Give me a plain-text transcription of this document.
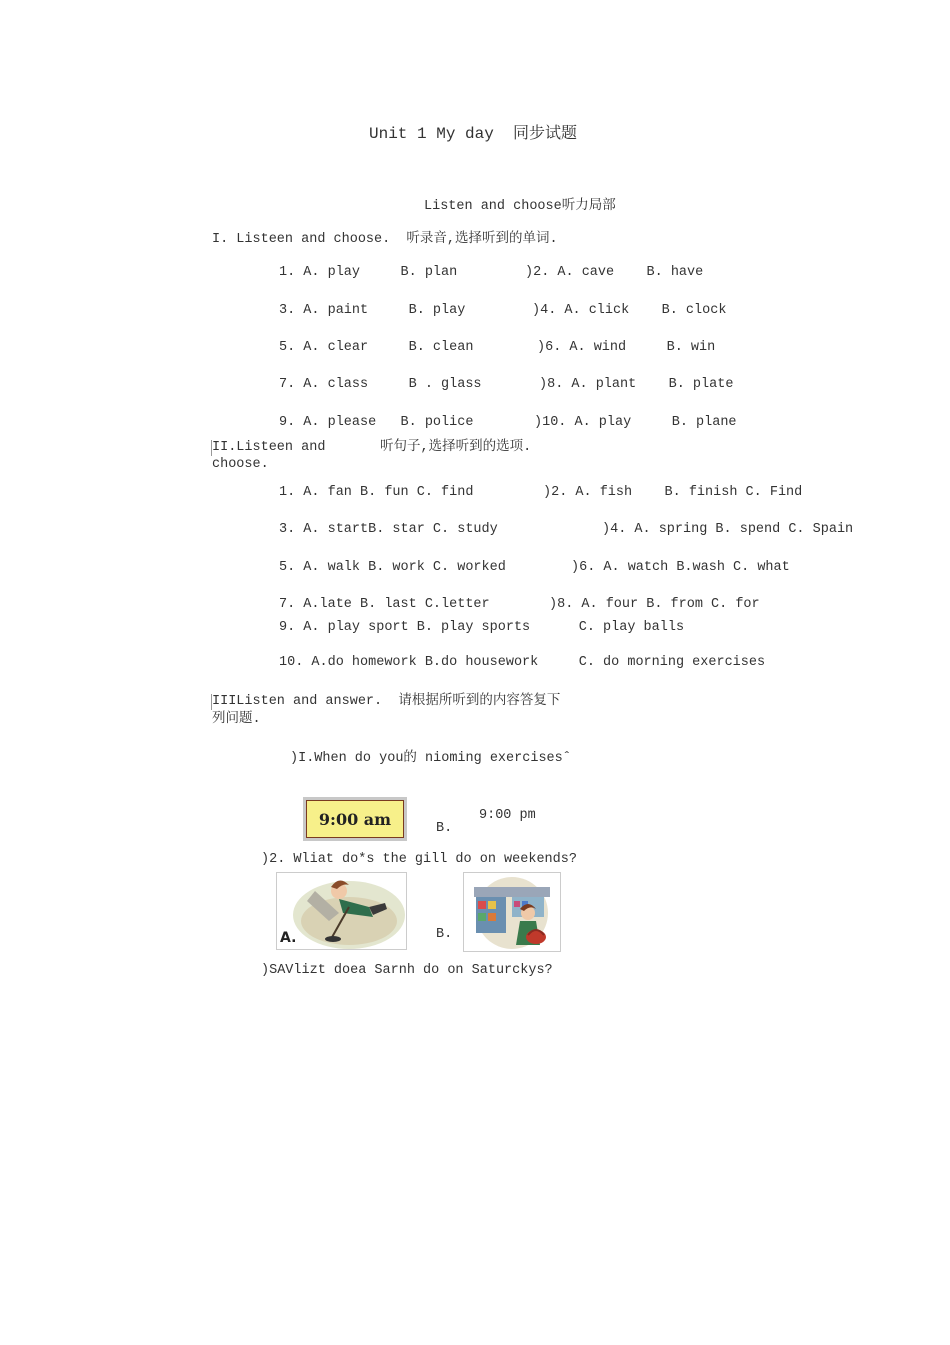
Unit 1 My day  同步试题
Listen and choose听力局部
I. Listeen and choose.  听录音,选择听到的单词.
1. A. play     B. plan	)2. A. cave    B. have
3. A. paint     B. play	)4. A. click    B. clock
5. A. clear     B. clean	)6. A. wind     B. win
7. A. class     B . glass	)8. A. plant    B. plate
9. A. please   B. police	)10. A. play     B. plane
II.Listeen and	听句子,选择听到的选项.
choose.
1. A. fan B. fun C. find	)2. A. fish    B. finish C. Find
3. A. startB. star C. study	)4. A. spring B. spend C. Spain
5. A. walk B. work C. worked	)6. A. watch B.wash C. what
7. A.late B. last C.letter	)8. A. four B. from C. for
9. A. play sport B. play sports      C. play balls
10. A.do homework B.do housework     C. do morning exercises
IIIListen and answer.  请根据所听到的内容答复下
列问题.
)I.When do you的 nioming exercisesˆ
9:00 am	B.
9:00 pm
)2. Wliat do*s the gill do on weekends?
A.	B.
)SAVlizt doea Sarnh do on Saturckys?
